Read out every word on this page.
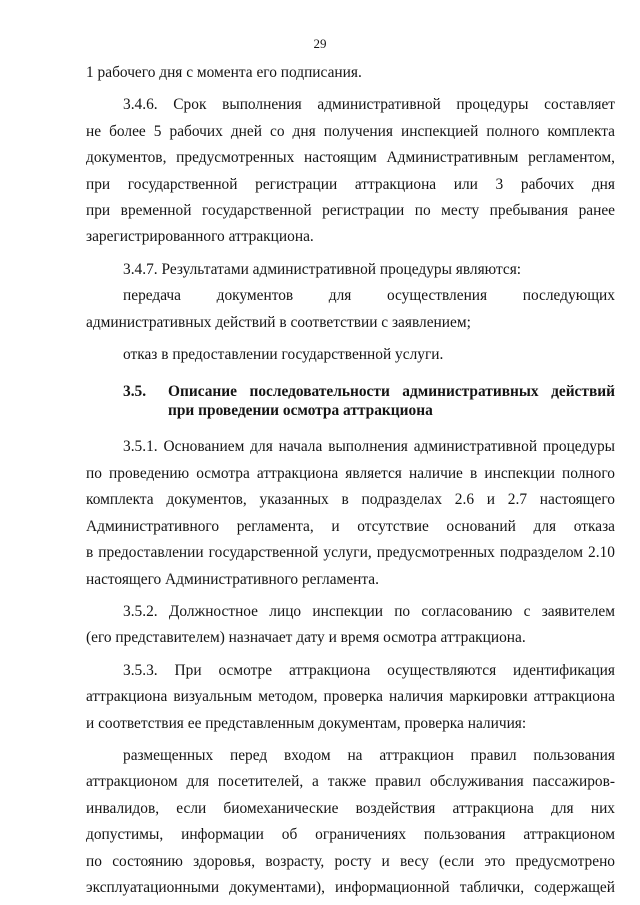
29

1 рабочего дня с момента его подписания.

3.4.6. Срок выполнения административной процедуры составляет
не более 5 рабочих дней со дня получения инспекцией полного комплекта
документов, предусмотренных настоящим Административным регламентом,
при государственной регистрации аттракциона или 3 рабочих дня
при временной государственной регистрации по месту пребывания ранее
зарегистрированного аттракциона.

3.4.7. Результатами административной процедуры являются:

передача документов для осуществления последующих
административных действий в соответствии с заявлением;

отказ в предоставлении государственной услуги.

3.5.	Описание последовательности административных действий
при проведении осмотра аттракциона

3.5.1. Основанием для начала выполнения административной процедуры
по проведению осмотра аттракциона является наличие в инспекции полного
комплекта документов, указанных в подразделах 2.6 и 2.7 настоящего
Административного регламента, и отсутствие оснований для отказа
в предоставлении государственной услуги, предусмотренных подразделом 2.10
настоящего Административного регламента.

3.5.2. Должностное лицо инспекции по согласованию с заявителем
(его представителем) назначает дату и время осмотра аттракциона.

3.5.3. При осмотре аттракциона осуществляются идентификация
аттракциона визуальным методом, проверка наличия маркировки аттракциона
и соответствия ее представленным документам, проверка наличия:

размещенных перед входом на аттракцион правил пользования
аттракционом для посетителей, а также правил обслуживания пассажиров-
инвалидов, если биомеханические воздействия аттракциона для них
допустимы, информации об ограничениях пользования аттракционом
по состоянию здоровья, возрасту, росту и весу (если это предусмотрено
эксплуатационными документами), информационной таблички, содержащей
